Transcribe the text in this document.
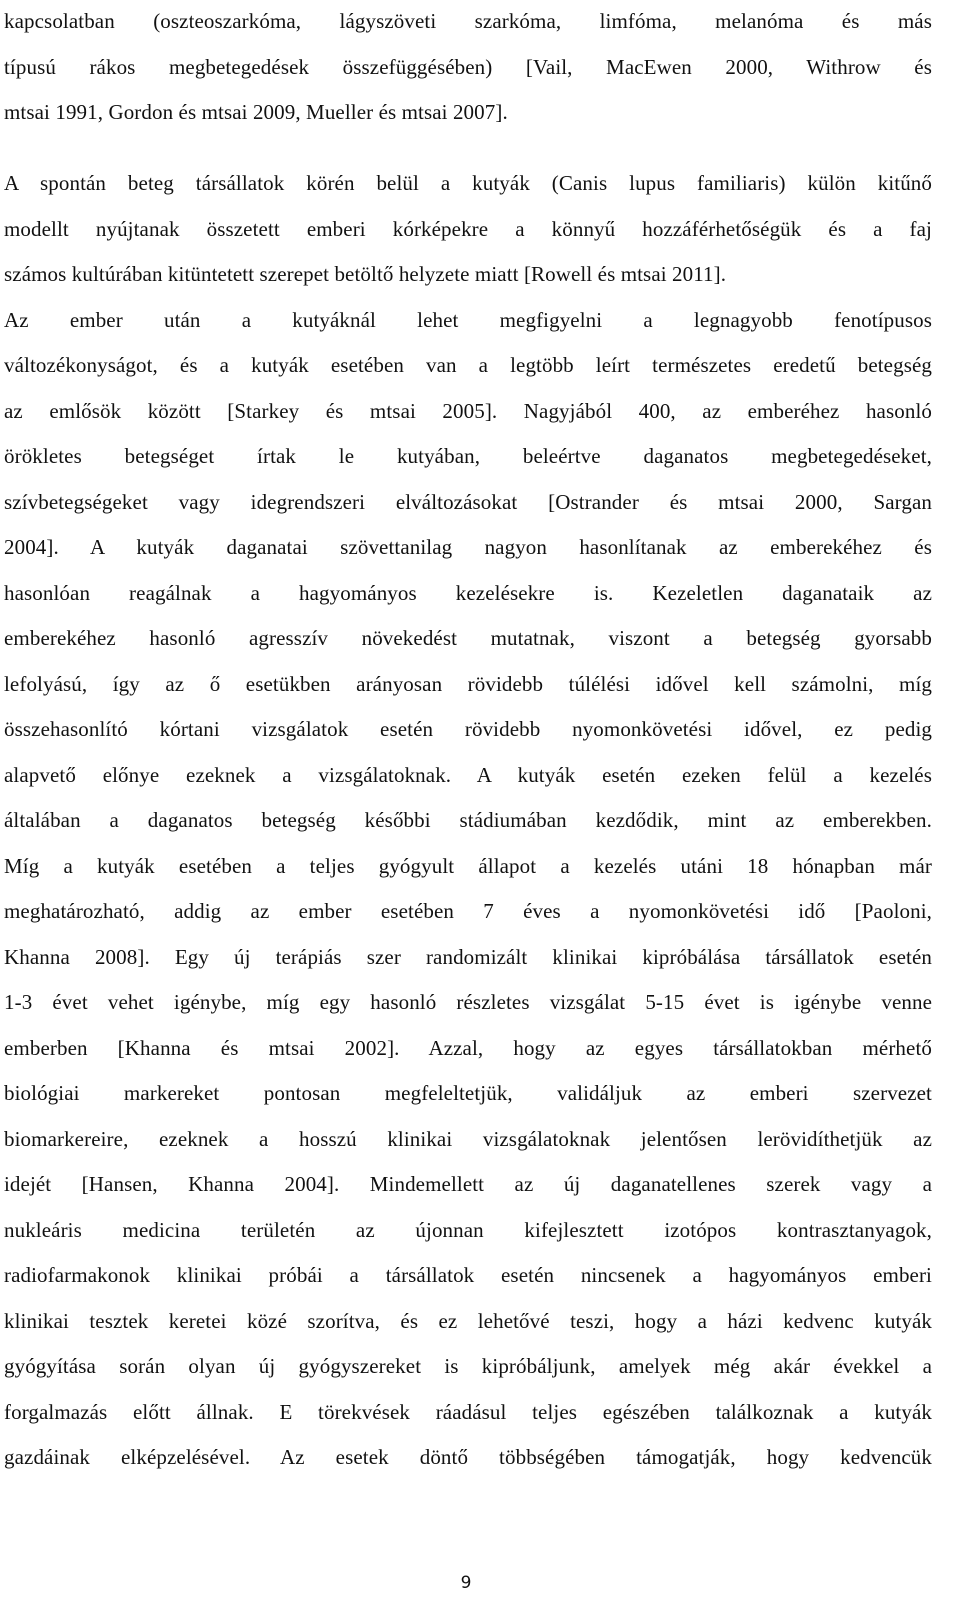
kapcsolatban (oszteoszarkóma, lágyszöveti szarkóma, limfóma, melanóma és más
típusú rákos megbetegedések összefüggésében) [Vail, MacEwen 2000, Withrow és
mtsai 1991, Gordon és mtsai 2009, Mueller és mtsai 2007].
A spontán beteg társállatok körén belül a kutyák (Canis lupus familiaris) külön kitűnő
modellt nyújtanak összetett emberi kórképekre a könnyű hozzáférhetőségük és a faj
számos kultúrában kitüntetett szerepet betöltő helyzete miatt [Rowell és mtsai 2011].
Az ember után a kutyáknál lehet megfigyelni a legnagyobb fenotípusos
változékonyságot, és a kutyák esetében van a legtöbb leírt természetes eredetű betegség
az emlősök között [Starkey és mtsai 2005]. Nagyjából 400, az emberéhez hasonló
örökletes betegséget írtak le kutyában, beleértve daganatos megbetegedéseket,
szívbetegségeket vagy idegrendszeri elváltozásokat [Ostrander és mtsai 2000, Sargan
2004]. A kutyák daganatai szövettanilag nagyon hasonlítanak az emberekéhez és
hasonlóan reagálnak a hagyományos kezelésekre is. Kezeletlen daganataik az
emberekéhez hasonló agresszív növekedést mutatnak, viszont a betegség gyorsabb
lefolyású, így az ő esetükben arányosan rövidebb túlélési idővel kell számolni, míg
összehasonlító kórtani vizsgálatok esetén rövidebb nyomonkövetési idővel, ez pedig
alapvető előnye ezeknek a vizsgálatoknak. A kutyák esetén ezeken felül a kezelés
általában a daganatos betegség későbbi stádiumában kezdődik, mint az emberekben.
Míg a kutyák esetében a teljes gyógyult állapot a kezelés utáni 18 hónapban már
meghatározható, addig az ember esetében 7 éves a nyomonkövetési idő [Paoloni,
Khanna 2008]. Egy új terápiás szer randomizált klinikai kipróbálása társállatok esetén
1-3 évet vehet igénybe, míg egy hasonló részletes vizsgálat 5-15 évet is igénybe venne
emberben [Khanna és mtsai 2002]. Azzal, hogy az egyes társállatokban mérhető
biológiai markereket pontosan megfeleltetjük, validáljuk az emberi szervezet
biomarkereire, ezeknek a hosszú klinikai vizsgálatoknak jelentősen lerövidíthetjük az
idejét [Hansen, Khanna 2004]. Mindemellett az új daganatellenes szerek vagy a
nukleáris medicina területén az újonnan kifejlesztett izotópos kontrasztanyagok,
radiofarmakonok klinikai próbái a társállatok esetén nincsenek a hagyományos emberi
klinikai tesztek keretei közé szorítva, és ez lehetővé teszi, hogy a házi kedvenc kutyák
gyógyítása során olyan új gyógyszereket is kipróbáljunk, amelyek még akár évekkel a
forgalmazás előtt állnak. E törekvések ráadásul teljes egészében találkoznak a kutyák
gazdáinak elképzelésével. Az esetek döntő többségében támogatják, hogy kedvencük
9
